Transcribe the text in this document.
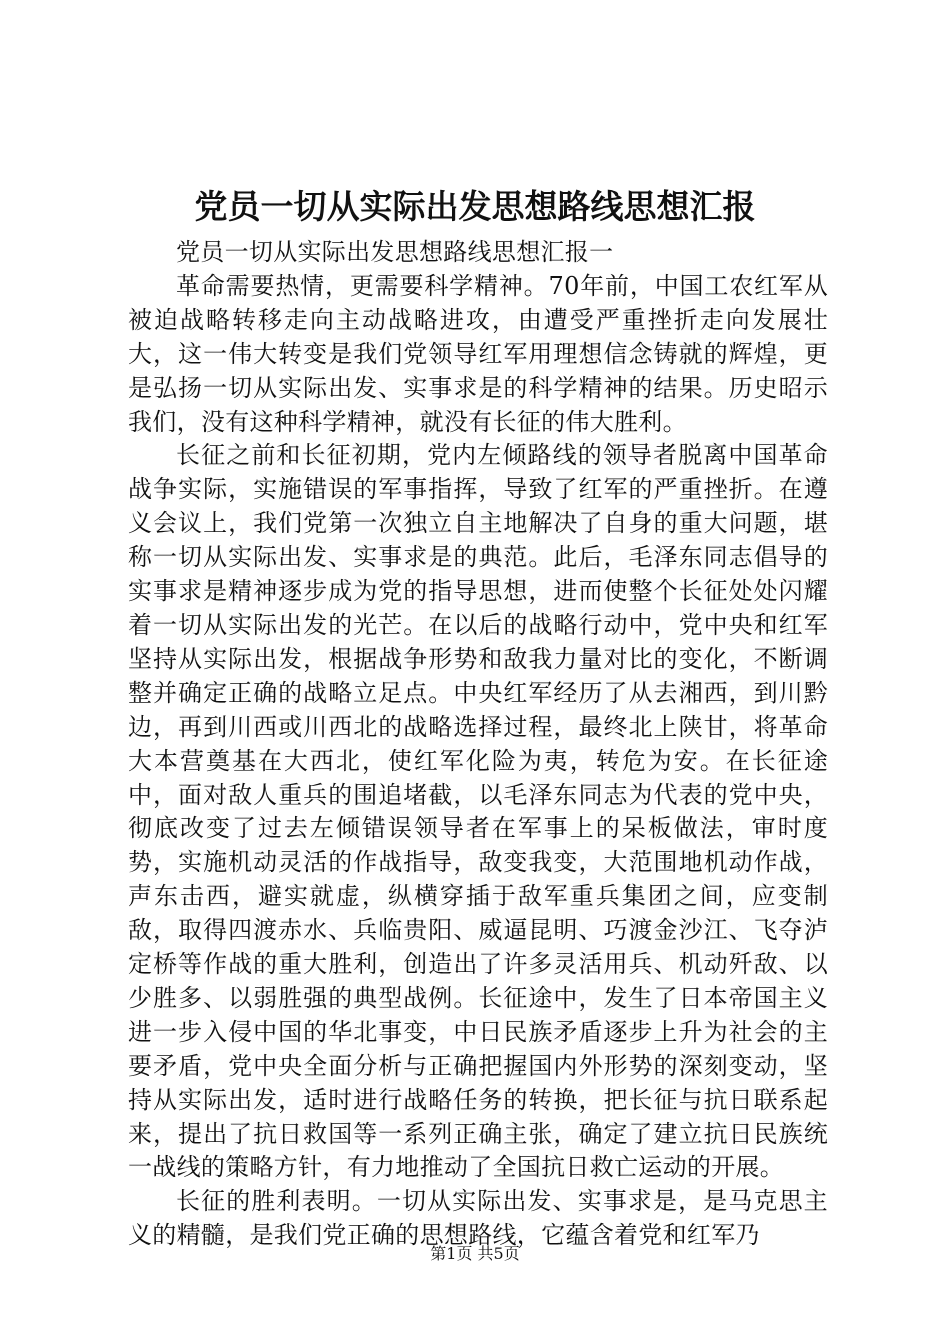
党员一切从实际出发思想路线思想汇报

党员一切从实际出发思想路线思想汇报一

革命需要热情，更需要科学精神。70年前，中国工农红军从被迫战略转移走向主动战略进攻，由遭受严重挫折走向发展壮大，这一伟大转变是我们党领导红军用理想信念铸就的辉煌，更是弘扬一切从实际出发、实事求是的科学精神的结果。历史昭示我们，没有这种科学精神，就没有长征的伟大胜利。

长征之前和长征初期，党内左倾路线的领导者脱离中国革命战争实际，实施错误的军事指挥，导致了红军的严重挫折。在遵义会议上，我们党第一次独立自主地解决了自身的重大问题，堪称一切从实际出发、实事求是的典范。此后，毛泽东同志倡导的实事求是精神逐步成为党的指导思想，进而使整个长征处处闪耀着一切从实际出发的光芒。在以后的战略行动中，党中央和红军坚持从实际出发，根据战争形势和敌我力量对比的变化，不断调整并确定正确的战略立足点。中央红军经历了从去湘西，到川黔边，再到川西或川西北的战略选择过程，最终北上陕甘，将革命大本营奠基在大西北，使红军化险为夷，转危为安。在长征途中，面对敌人重兵的围追堵截，以毛泽东同志为代表的党中央，彻底改变了过去左倾错误领导者在军事上的呆板做法，审时度势，实施机动灵活的作战指导，敌变我变，大范围地机动作战，声东击西，避实就虚，纵横穿插于敌军重兵集团之间，应变制敌，取得四渡赤水、兵临贵阳、威逼昆明、巧渡金沙江、飞夺泸定桥等作战的重大胜利，创造出了许多灵活用兵、机动歼敌、以少胜多、以弱胜强的典型战例。长征途中，发生了日本帝国主义进一步入侵中国的华北事变，中日民族矛盾逐步上升为社会的主要矛盾，党中央全面分析与正确把握国内外形势的深刻变动，坚持从实际出发，适时进行战略任务的转换，把长征与抗日联系起来，提出了抗日救国等一系列正确主张，确定了建立抗日民族统一战线的策略方针，有力地推动了全国抗日救亡运动的开展。

长征的胜利表明。一切从实际出发、实事求是，是马克思主义的精髓，是我们党正确的思想路线，它蕴含着党和红军乃

第1页 共5页
